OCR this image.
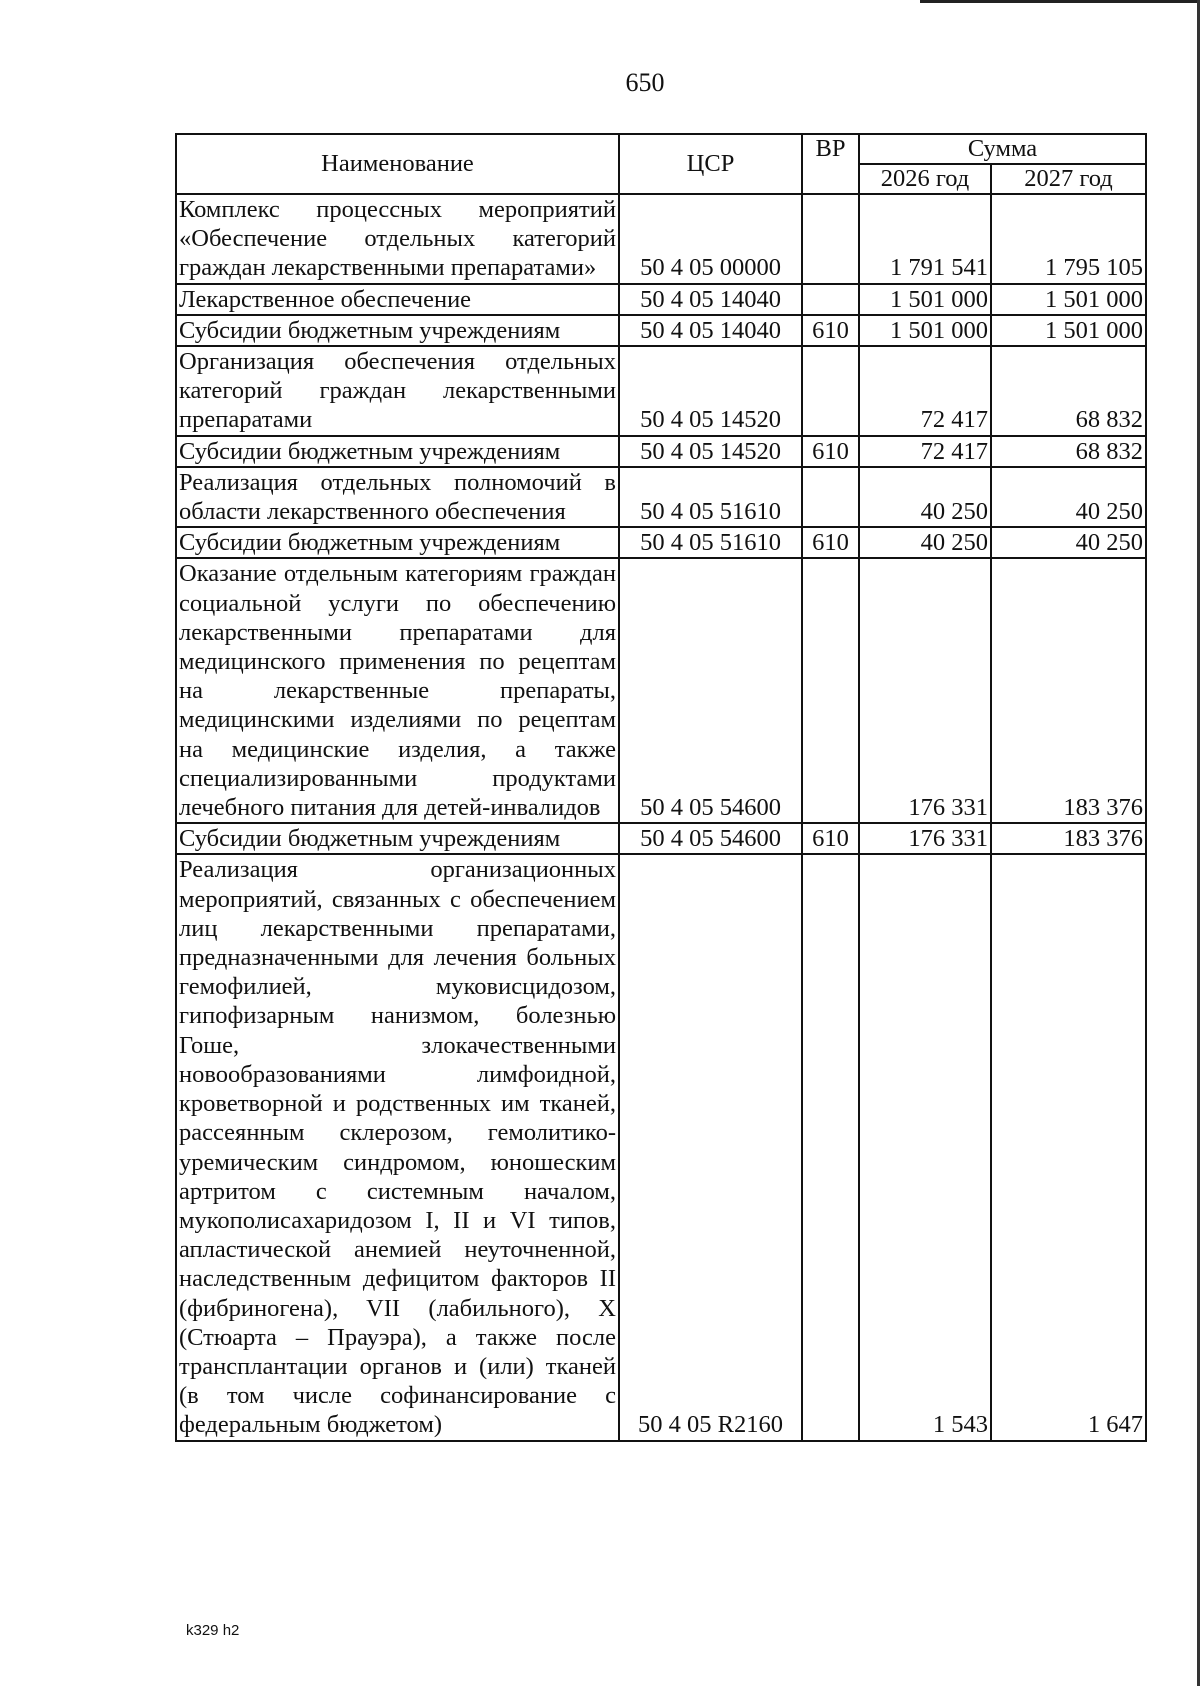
650
Наименование	ЦСР	ВР	Сумма	
			2026 год	2027 год
Комплекс процессных мероприятий «Обеспечение отдельных категорий граждан лекарственными препаратами»	50 4 05 00000		1 791 541	1 795 105
Лекарственное обеспечение	50 4 05 14040		1 501 000	1 501 000
Субсидии бюджетным учреждениям	50 4 05 14040	610	1 501 000	1 501 000
Организация обеспечения отдельных категорий граждан лекарственными препаратами	50 4 05 14520		72 417	68 832
Субсидии бюджетным учреждениям	50 4 05 14520	610	72 417	68 832
Реализация отдельных полномочий в области лекарственного обеспечения	50 4 05 51610		40 250	40 250
Субсидии бюджетным учреждениям	50 4 05 51610	610	40 250	40 250
Оказание отдельным категориям граждан социальной услуги по обеспечению лекарственными препаратами для медицинского применения по рецептам на лекарственные препараты, медицинскими изделиями по рецептам на медицинские изделия, а также специализированными продуктами лечебного питания для детей-инвалидов	50 4 05 54600		176 331	183 376
Субсидии бюджетным учреждениям	50 4 05 54600	610	176 331	183 376
Реализация организационных мероприятий, связанных с обеспечением лиц лекарственными препаратами, предназначенными для лечения больных гемофилией, муковисцидозом, гипофизарным нанизмом, болезнью Гоше, злокачественными новообразованиями лимфоидной, кроветворной и родственных им тканей, рассеянным склерозом, гемолитико-уремическим синдромом, юношеским артритом с системным началом, мукополисахаридозом I, II и VI типов, апластической анемией неуточненной, наследственным дефицитом факторов II (фибриногена), VII (лабильного), X (Стюарта – Прауэра), а также после трансплантации органов и (или) тканей (в том числе софинансирование с федеральным бюджетом)	50 4 05 R2160		1 543	1 647
k329 h2
